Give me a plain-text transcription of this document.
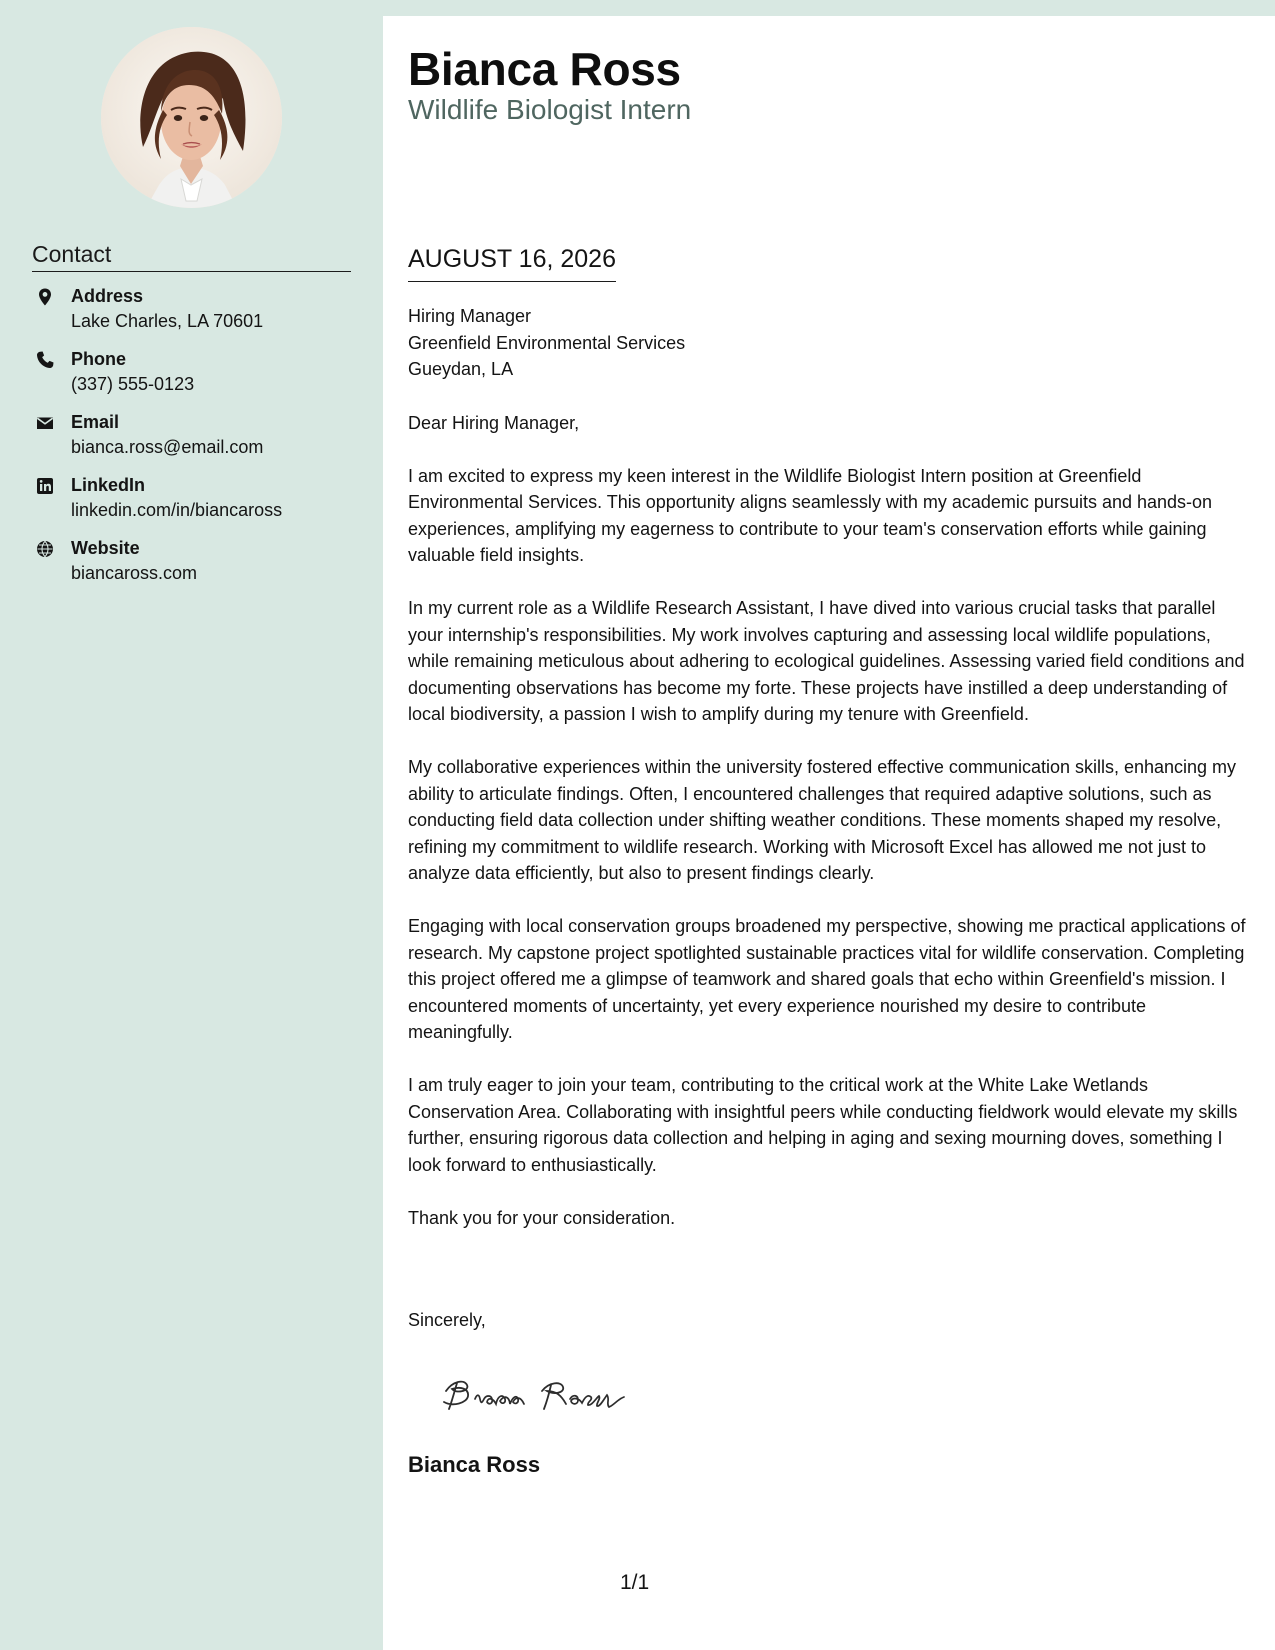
Contact
Address
Lake Charles, LA 70601
Phone
(337) 555-0123
Email
bianca.ross@email.com
LinkedIn
linkedin.com/in/biancaross
Website
biancaross.com
Bianca Ross
Wildlife Biologist Intern
AUGUST 16, 2026
Hiring Manager
Greenfield Environmental Services
Gueydan, LA

Dear Hiring Manager,

I am excited to express my keen interest in the Wildlife Biologist Intern position at Greenfield Environmental Services. This opportunity aligns seamlessly with my academic pursuits and hands-on experiences, amplifying my eagerness to contribute to your team's conservation efforts while gaining valuable field insights.

In my current role as a Wildlife Research Assistant, I have dived into various crucial tasks that parallel your internship's responsibilities. My work involves capturing and assessing local wildlife populations, while remaining meticulous about adhering to ecological guidelines. Assessing varied field conditions and documenting observations has become my forte. These projects have instilled a deep understanding of local biodiversity, a passion I wish to amplify during my tenure with Greenfield.

My collaborative experiences within the university fostered effective communication skills, enhancing my ability to articulate findings. Often, I encountered challenges that required adaptive solutions, such as conducting field data collection under shifting weather conditions. These moments shaped my resolve, refining my commitment to wildlife research. Working with Microsoft Excel has allowed me not just to analyze data efficiently, but also to present findings clearly.

Engaging with local conservation groups broadened my perspective, showing me practical applications of research. My capstone project spotlighted sustainable practices vital for wildlife conservation. Completing this project offered me a glimpse of teamwork and shared goals that echo within Greenfield's mission. I encountered moments of uncertainty, yet every experience nourished my desire to contribute meaningfully.

I am truly eager to join your team, contributing to the critical work at the White Lake Wetlands Conservation Area. Collaborating with insightful peers while conducting fieldwork would elevate my skills further, ensuring rigorous data collection and helping in aging and sexing mourning doves, something I look forward to enthusiastically.

Thank you for your consideration.

Sincerely,
Bianca Ross
1/1
